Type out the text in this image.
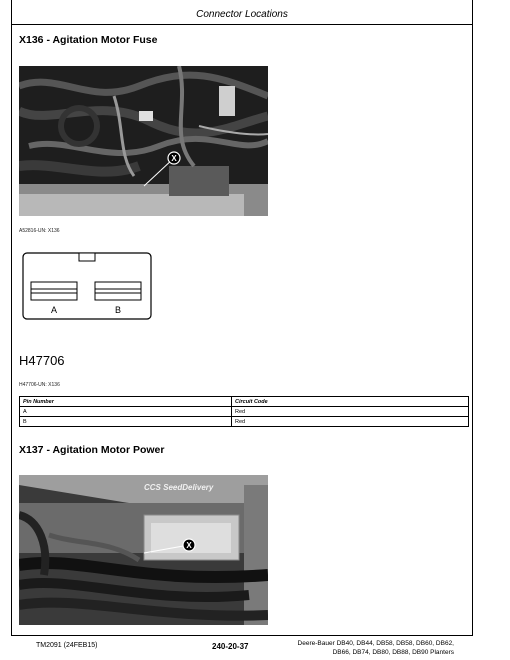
Connector Locations
X136 - Agitation Motor Fuse
X
A52816-UN: X136
A	B
H47706
H47706-UN: X136
Pin Number	Circuit Code
A	Red
B	Red
X137 - Agitation Motor Power
CCS SeedDelivery
X
TM2091 (24FEB15)	240-20-37	Deere-Bauer DB40, DB44, DB58, DB58, DB60, DB62,
DB66, DB74, DB80, DB88, DB90 Planters
